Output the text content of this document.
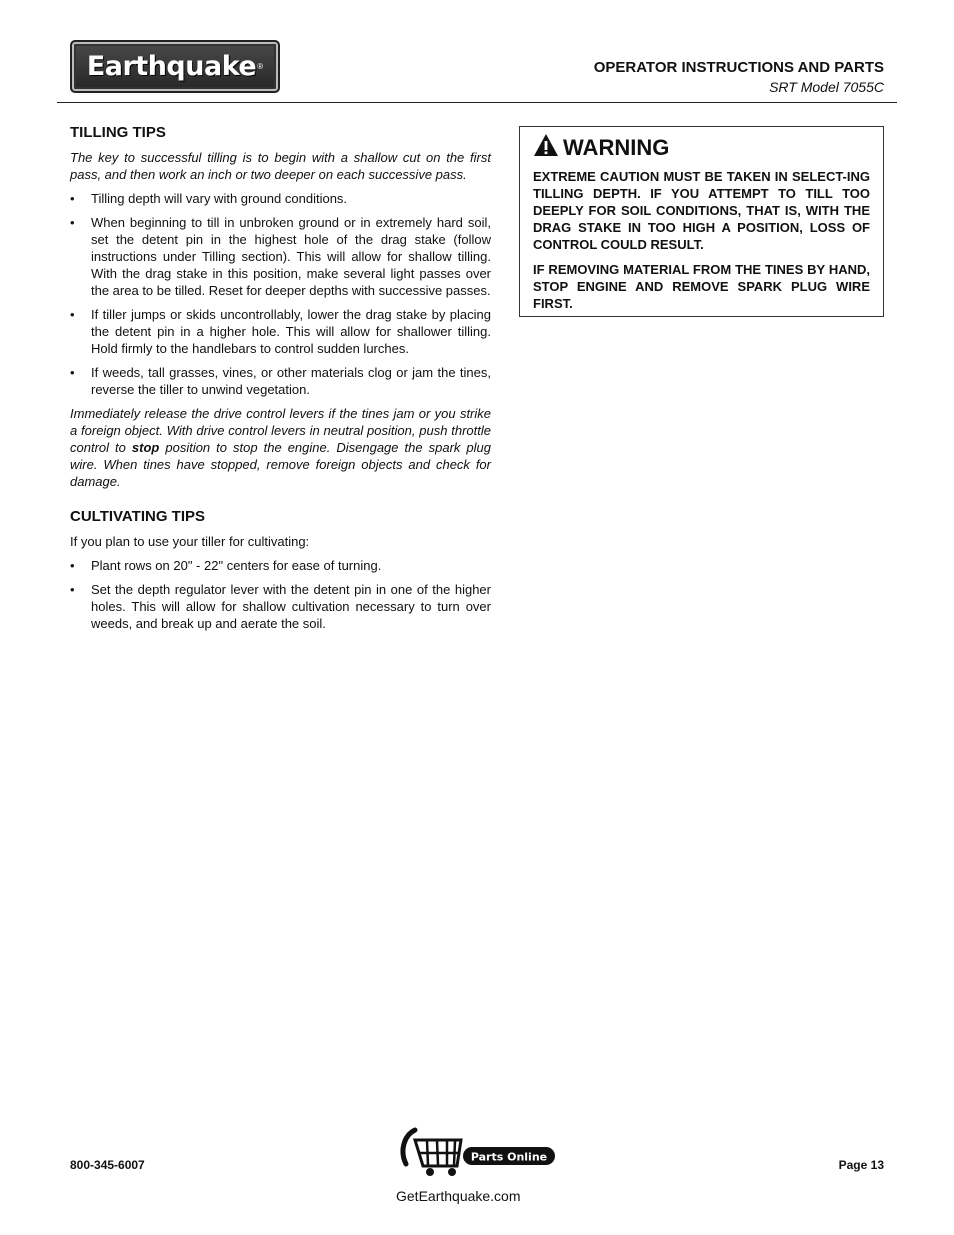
Earthquake ®	OPERATOR INSTRUCTIONS AND PARTS
SRT Model 7055C
TILLING TIPS

The key to successful tilling is to begin with a shallow cut on the first pass, and then work an inch or two deeper on each successive pass.

• Tilling depth will vary with ground conditions.
• When beginning to till in unbroken ground or in extremely hard soil, set the detent pin in the highest hole of the drag stake (follow instructions under Tilling section). This will allow for shallow tilling. With the drag stake in this position, make several light passes over the area to be tilled. Reset for deeper depths with successive passes.
• If tiller jumps or skids uncontrollably, lower the drag stake by placing the detent pin in a higher hole. This will allow for shallower tilling. Hold firmly to the handlebars to control sudden lurches.
• If weeds, tall grasses, vines, or other materials clog or jam the tines, reverse the tiller to unwind vegetation.

Immediately release the drive control levers if the tines jam or you strike a foreign object. With drive control levers in neutral position, push throttle control to stop position to stop the engine. Disengage the spark plug wire. When tines have stopped, remove foreign objects and check for damage.

CULTIVATING TIPS

If you plan to use your tiller for cultivating:

• Plant rows on 20" - 22" centers for ease of turning.
• Set the depth regulator lever with the detent pin in one of the higher holes. This will allow for shallow cultivation necessary to turn over weeds, and break up and aerate the soil.
WARNING

EXTREME CAUTION MUST BE TAKEN IN SELECT-ING TILLING DEPTH. IF YOU ATTEMPT TO TILL TOO DEEPLY FOR SOIL CONDITIONS, THAT IS, WITH THE DRAG STAKE IN TOO HIGH A POSITION, LOSS OF CONTROL COULD RESULT.

IF REMOVING MATERIAL FROM THE TINES BY HAND, STOP ENGINE AND REMOVE SPARK PLUG WIRE FIRST.

800-345-6007
Parts Online
GetEarthquake.com
Page 13
